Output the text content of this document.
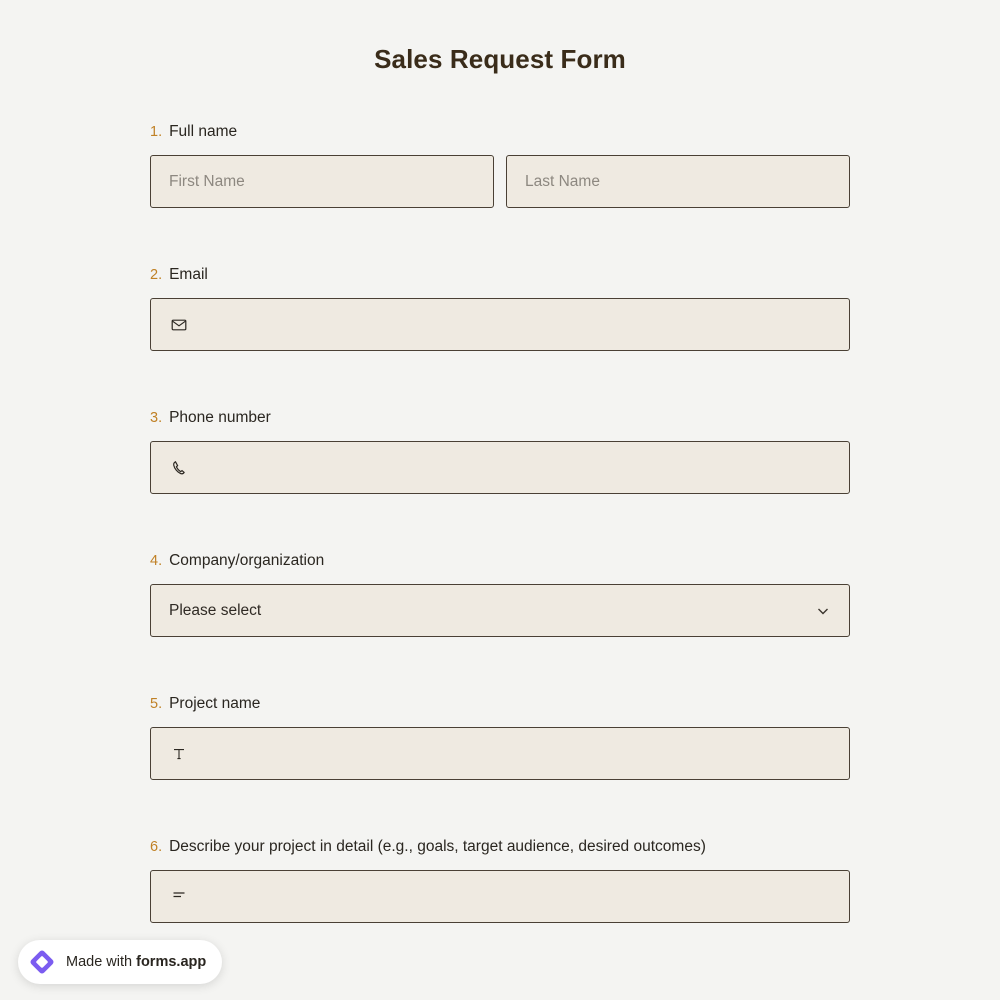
Sales Request Form
1. Full name
First Name	Last Name
2. Email
3. Phone number
4. Company/organization
Please select
5. Project name
6. Describe your project in detail (e.g., goals, target audience, desired outcomes)
Made with forms.app
